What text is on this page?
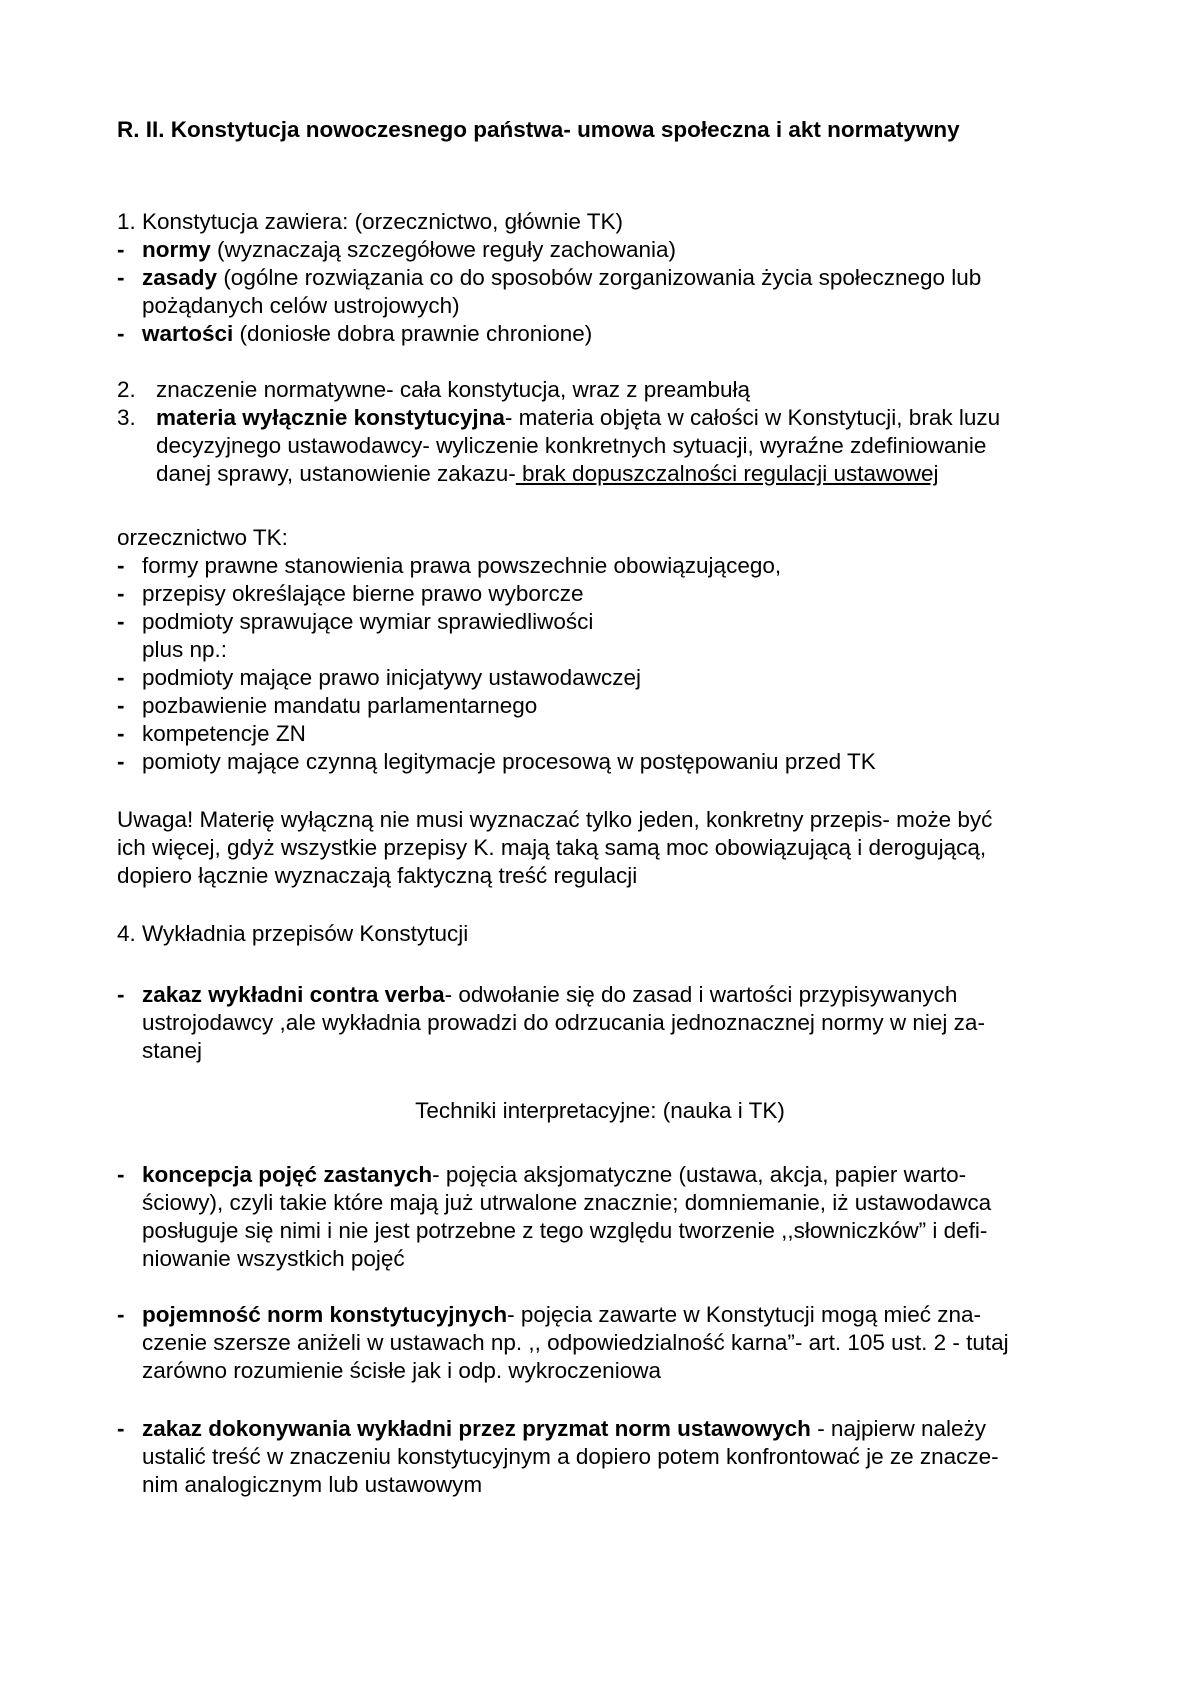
R. II. Konstytucja nowoczesnego państwa- umowa społeczna i akt normatywny
1. Konstytucja zawiera: (orzecznictwo, głównie TK)
- normy (wyznaczają szczegółowe reguły zachowania)
- zasady (ogólne rozwiązania co do sposobów zorganizowania życia społecznego lub
pożądanych celów ustrojowych)
- wartości (doniosłe dobra prawnie chronione)
2. znaczenie normatywne- cała konstytucja, wraz z preambułą
3. materia wyłącznie konstytucyjna- materia objęta w całości w Konstytucji, brak luzu
decyzyjnego ustawodawcy- wyliczenie konkretnych sytuacji, wyraźne zdefiniowanie
danej sprawy, ustanowienie zakazu- brak dopuszczalności regulacji ustawowej
orzecznictwo TK:
- formy prawne stanowienia prawa powszechnie obowiązującego,
- przepisy określające bierne prawo wyborcze
- podmioty sprawujące wymiar sprawiedliwości
plus np.:
- podmioty mające prawo inicjatywy ustawodawczej
- pozbawienie mandatu parlamentarnego
- kompetencje ZN
- pomioty mające czynną legitymacje procesową w postępowaniu przed TK
Uwaga! Materię wyłączną nie musi wyznaczać tylko jeden, konkretny przepis- może być
ich więcej, gdyż wszystkie przepisy K. mają taką samą moc obowiązującą i derogującą,
dopiero łącznie wyznaczają faktyczną treść regulacji
4. Wykładnia przepisów Konstytucji
- zakaz wykładni contra verba- odwołanie się do zasad i wartości przypisywanych
ustrojodawcy ,ale wykładnia prowadzi do odrzucania jednoznacznej normy w niej za-
stanej
Techniki interpretacyjne: (nauka i TK)
- koncepcja pojęć zastanych- pojęcia aksjomatyczne (ustawa, akcja, papier warto-
ściowy), czyli takie które mają już utrwalone znacznie; domniemanie, iż ustawodawca
posługuje się nimi i nie jest potrzebne z tego względu tworzenie ,,słowniczków” i defi-
niowanie wszystkich pojęć
- pojemność norm konstytucyjnych- pojęcia zawarte w Konstytucji mogą mieć zna-
czenie szersze aniżeli w ustawach np. ,, odpowiedzialność karna”- art. 105 ust. 2 - tutaj
zarówno rozumienie ścisłe jak i odp. wykroczeniowa
- zakaz dokonywania wykładni przez pryzmat norm ustawowych - najpierw należy
ustalić treść w znaczeniu konstytucyjnym a dopiero potem konfrontować je ze znacze-
nim analogicznym lub ustawowym
